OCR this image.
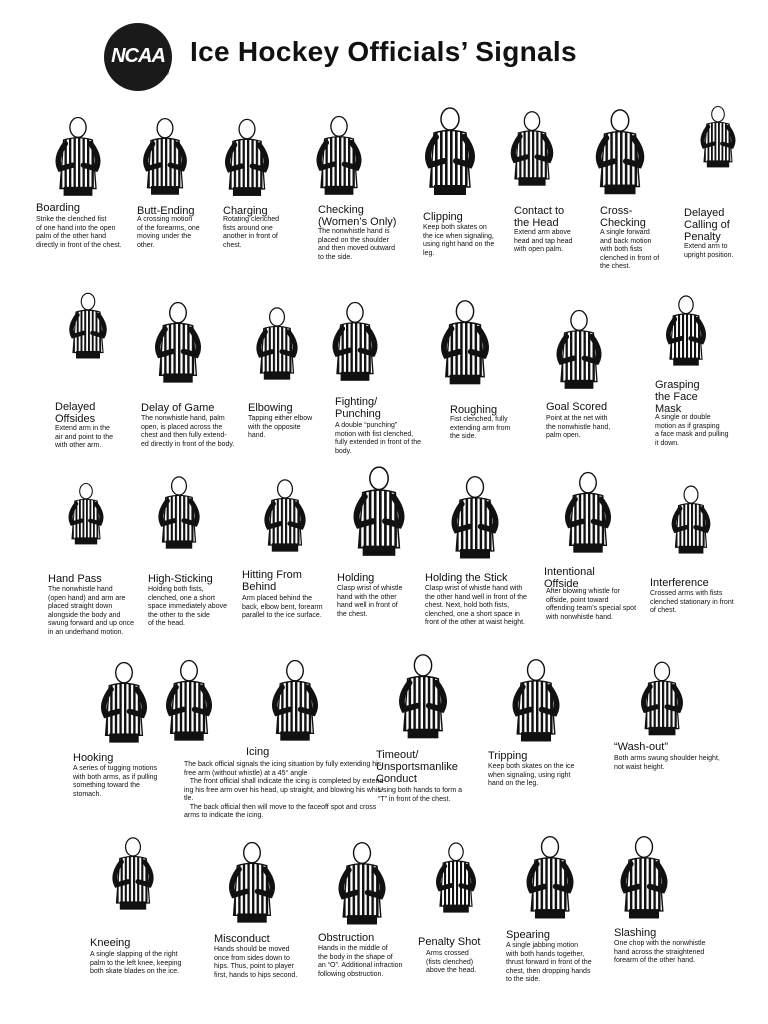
NCAA
®
Ice Hockey Officials’ Signals
Boarding
Strike the clenched fist
of one hand into the open
palm of the other hand
directly in front of the chest.
Butt-Ending
A crossing motion
of the forearms, one
moving under the
other.
Charging
Rotating clenched
fists around one
another in front of
chest.
Checking
(Women’s Only)
The nonwhistle hand is
placed on the shoulder
and then moved outward
to the side.
Clipping
Keep both skates on
the ice when signaling,
using right hand on the
leg.
Contact to
the Head
Extend arm above
head and tap head
with open palm.
Cross-
Checking
A single forward
and back motion
with both fists
clenched in front of
the chest.
Delayed
Calling of
Penalty
Extend arm to
upright position.
Delayed
Offsides
Extend arm in the
air and point to the
with other arm.
Delay of Game
The nonwhistle hand, palm
open, is placed across the
chest and then fully extend-
ed directly in front of the body.
Elbowing
Tapping either elbow
with the opposite
hand.
Fighting/
Punching
A double “punching”
motion with fist clenched,
fully extended in front of the
body.
Roughing
Fist clenched, fully
extending arm from
the side.
Goal Scored
Point at the net with
the nonwhistle hand,
palm open.
Grasping
the Face
Mask
A single or double
motion as if grasping
a face mask and pulling
it down.
Hand Pass
The nonwhistle hand
(open hand) and arm are
placed straight down
alongside the body and
swung forward and up once
in an underhand motion.
High-Sticking
Holding both fists,
clenched, one a short
space immediately above
the other to the side
of the head.
Hitting From
Behind
Arm placed behind the
back, elbow bent, forearm
parallel to the ice surface.
Holding
Clasp wrist of whistle
hand with the other
hand well in front of
the chest.
Holding the Stick
Clasp wrist of whistle hand with
the other hand well in front of the
chest. Next, hold both fists,
clenched, one a short space in
front of the other at waist height.
Intentional
Offside
After blowing whistle for
offside, point toward
offending team’s special spot
with nonwhistle hand.
Interference
Crossed arms with fists
clenched stationary in front
of chest.
Hooking
A series of tugging motions
with both arms, as if pulling
something toward the
stomach.
Icing
The back official signals the icing situation by fully extending his
free arm (without whistle) at a 45° angle
The front official shall indicate the icing is completed by extend-
ing his free arm over his head, up straight, and blowing his whis-
tle.
The back official then will move to the faceoff spot and cross
arms to indicate the icing.
Timeout/
Unsportsmanlike
Conduct
Using both hands to form a
“T” in front of the chest.
Tripping
Keep both skates on the ice
when signaling, using right
hand on the leg.
“Wash-out”
Both arms swung shoulder height,
not waist height.
Kneeing
A single slapping of the right
palm to the left knee, keeping
both skate blades on the ice.
Misconduct
Hands should be moved
once from sides down to
hips. Thus, point to player
first, hands to hips second.
Obstruction
Hands in the middle of
the body in the shape of
an “O”. Additional infraction
following obstruction.
Penalty Shot
Arms crossed
(fists clenched)
above the head.
Spearing
A single jabbing motion
with both hands together,
thrust forward in front of the
chest, then dropping hands
to the side.
Slashing
One chop with the nonwhistle
hand across the straightened
forearm of the other hand.
